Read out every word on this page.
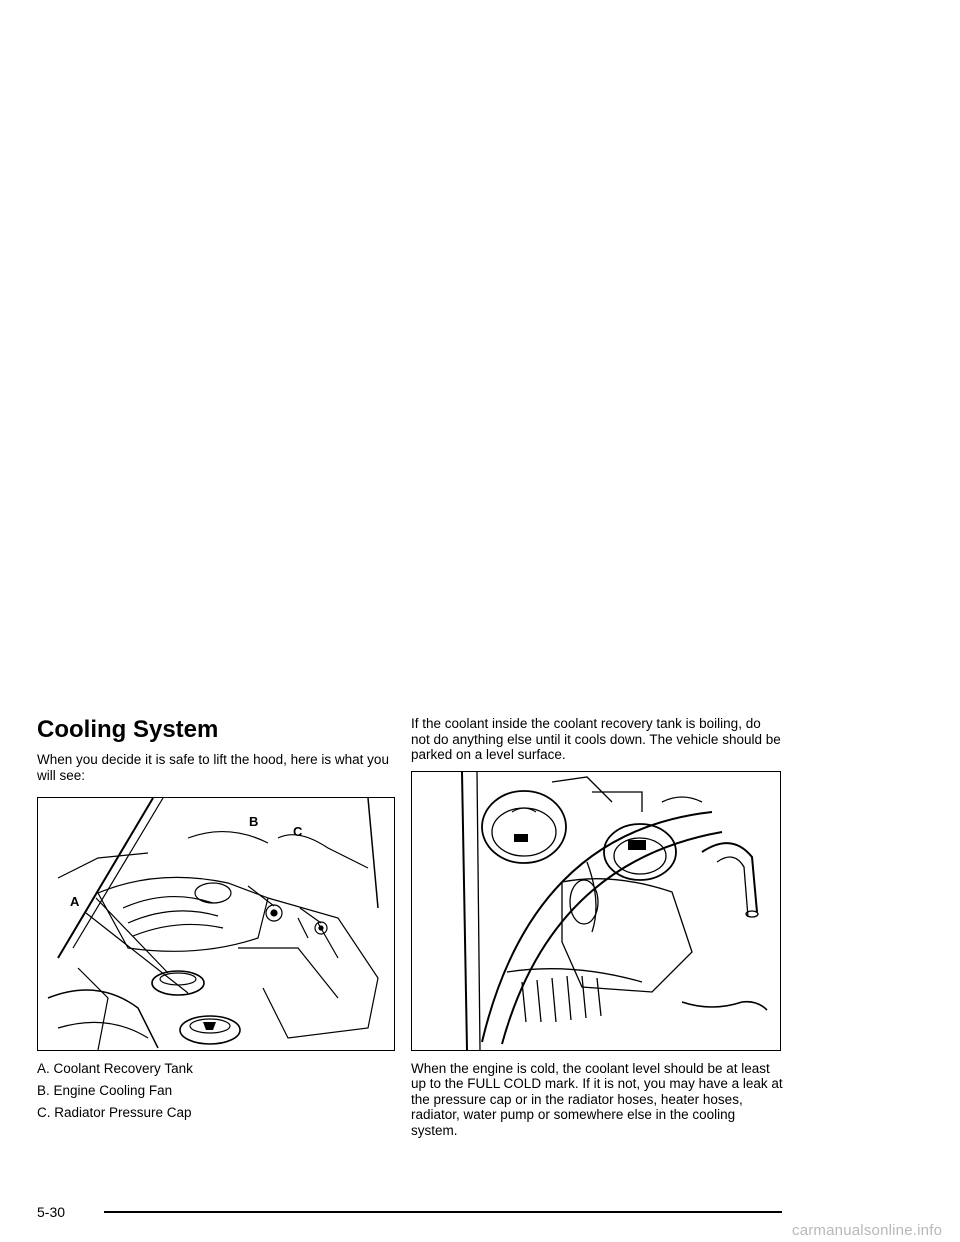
Cooling System

When you decide it is safe to lift the hood, here is what you will see:

A
B
C
A. Coolant Recovery Tank
B. Engine Cooling Fan
C. Radiator Pressure Cap

If the coolant inside the coolant recovery tank is boiling, do not do anything else until it cools down. The vehicle should be parked on a level surface.

When the engine is cold, the coolant level should be at least up to the FULL COLD mark. If it is not, you may have a leak at the pressure cap or in the radiator hoses, heater hoses, radiator, water pump or somewhere else in the cooling system.

5-30
carmanualsonline.info
